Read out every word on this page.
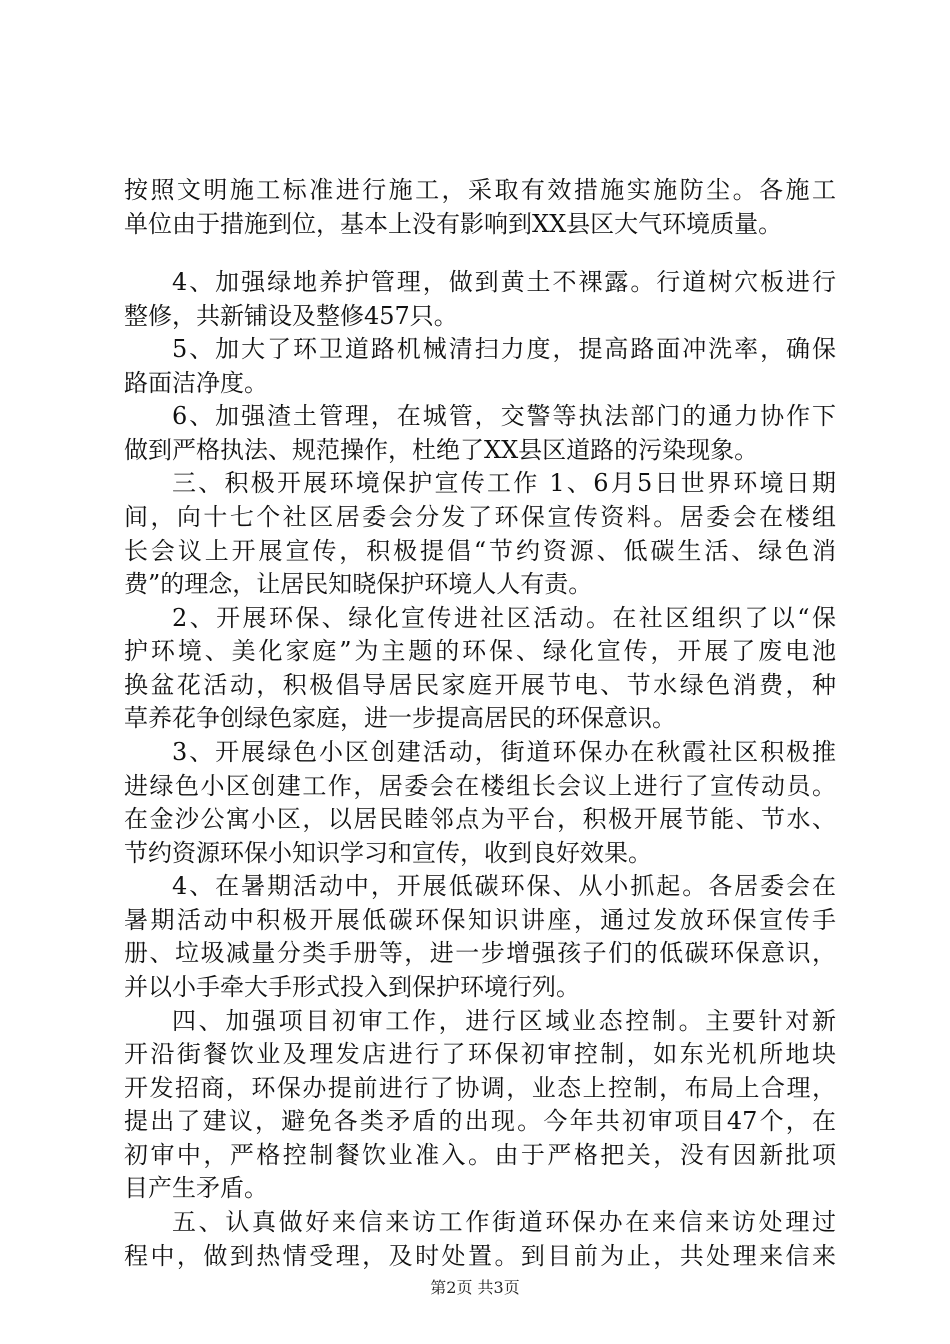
按照文明施工标准进行施工，采取有效措施实施防尘。各施工
单位由于措施到位，基本上没有影响到XX县区大气环境质量。
4、加强绿地养护管理，做到黄土不裸露。行道树穴板进行
整修，共新铺设及整修457只。
5、加大了环卫道路机械清扫力度，提高路面冲洗率，确保
路面洁净度。
6、加强渣土管理，在城管，交警等执法部门的通力协作下
做到严格执法、规范操作，杜绝了XX县区道路的污染现象。
三、积极开展环境保护宣传工作 1、6月5日世界环境日期
间，向十七个社区居委会分发了环保宣传资料。居委会在楼组
长会议上开展宣传，积极提倡“节约资源、低碳生活、绿色消
费”的理念，让居民知晓保护环境人人有责。
2、开展环保、绿化宣传进社区活动。在社区组织了以“保
护环境、美化家庭”为主题的环保、绿化宣传，开展了废电池
换盆花活动，积极倡导居民家庭开展节电、节水绿色消费，种
草养花争创绿色家庭，进一步提高居民的环保意识。
3、开展绿色小区创建活动，街道环保办在秋霞社区积极推
进绿色小区创建工作，居委会在楼组长会议上进行了宣传动员。
在金沙公寓小区，以居民睦邻点为平台，积极开展节能、节水、
节约资源环保小知识学习和宣传，收到良好效果。
4、在暑期活动中，开展低碳环保、从小抓起。各居委会在
暑期活动中积极开展低碳环保知识讲座，通过发放环保宣传手
册、垃圾减量分类手册等，进一步增强孩子们的低碳环保意识，
并以小手牵大手形式投入到保护环境行列。
四、加强项目初审工作，进行区域业态控制。主要针对新
开沿街餐饮业及理发店进行了环保初审控制，如东光机所地块
开发招商，环保办提前进行了协调，业态上控制，布局上合理，
提出了建议，避免各类矛盾的出现。今年共初审项目47个，在
初审中，严格控制餐饮业准入。由于严格把关，没有因新批项
目产生矛盾。
五、认真做好来信来访工作街道环保办在来信来访处理过
程中，做到热情受理，及时处置。到目前为止，共处理来信来
第2页 共3页
